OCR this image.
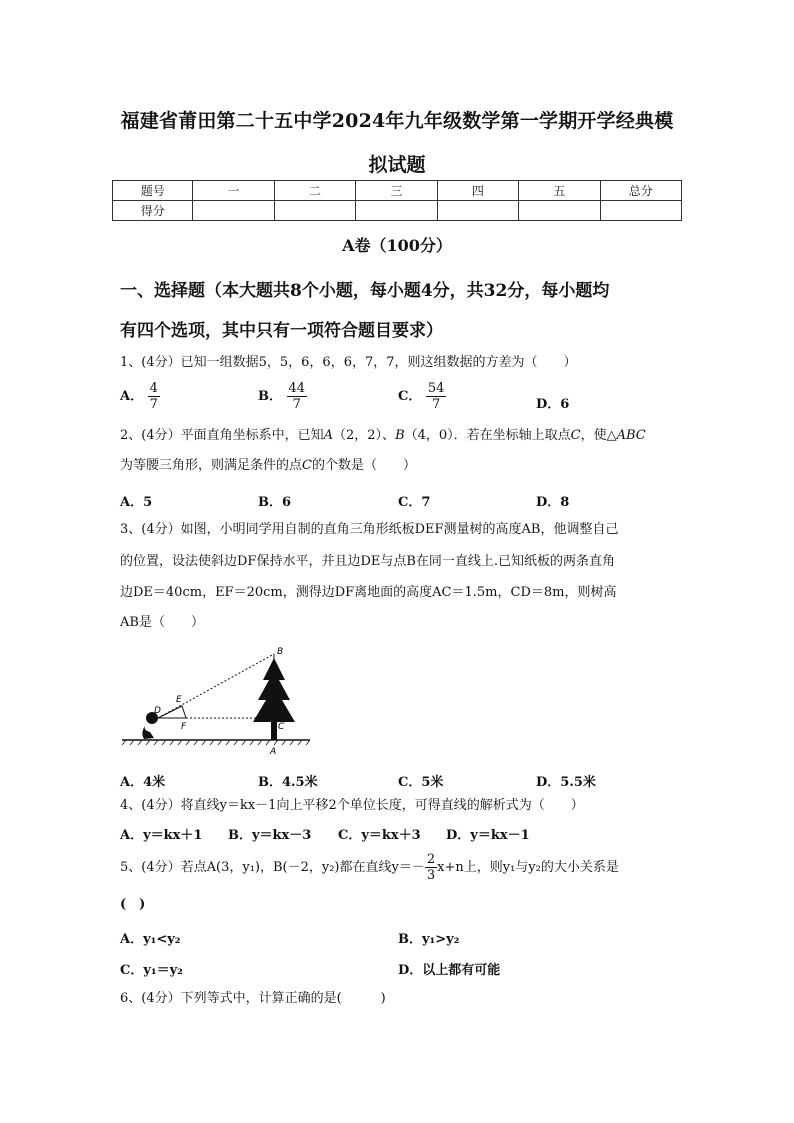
福建省莆田第二十五中学2024年九年级数学第一学期开学经典模
拟试题
题号	一	二	三	四	五	总分
得分						
A卷（100分）
一、选择题（本大题共8个小题，每小题4分，共32分，每小题均
有四个选项，其中只有一项符合题目要求）
1、(4分）已知一组数据5，5，6，6，6，7，7，则这组数据的方差为（　　）
A． $\frac{4}{7}$	B． $\frac{44}{7}$	C． $\frac{54}{7}$	D．6
2、(4分）平面直角坐标系中，已知A（2，2）、B（4，0）．若在坐标轴上取点C，使△ABC
为等腰三角形，则满足条件的点C的个数是（　　）
A．5	B．6	C．7	D．8
3、(4分）如图，小明同学用自制的直角三角形纸板DEF测量树的高度AB，他调整自己
的位置，设法使斜边DF保持水平，并且边DE与点B在同一直线上.已知纸板的两条直角
边DE＝40cm，EF＝20cm，测得边DF离地面的高度AC＝1.5m，CD＝8m，则树高
AB是（　　）
B
E
D
F	C
A
A．4米	B．4.5米	C．5米	D．5.5米
4、(4分）将直线y＝kx－1向上平移2个单位长度，可得直线的解析式为（　　）
A．y＝kx＋1 B．y＝kx－3 C．y＝kx＋3 D．y＝kx－1
5、(4分）若点A(3，y₁)，B(－2，y₂)都在直线$y=- \frac{2}{3} x+n$上，则y₁与y₂的大小关系是
(　)
A．y₁<y₂	B．y₁>y₂
C．y₁＝y₂	D．以上都有可能
6、(4分）下列等式中，计算正确的是(　　　)
